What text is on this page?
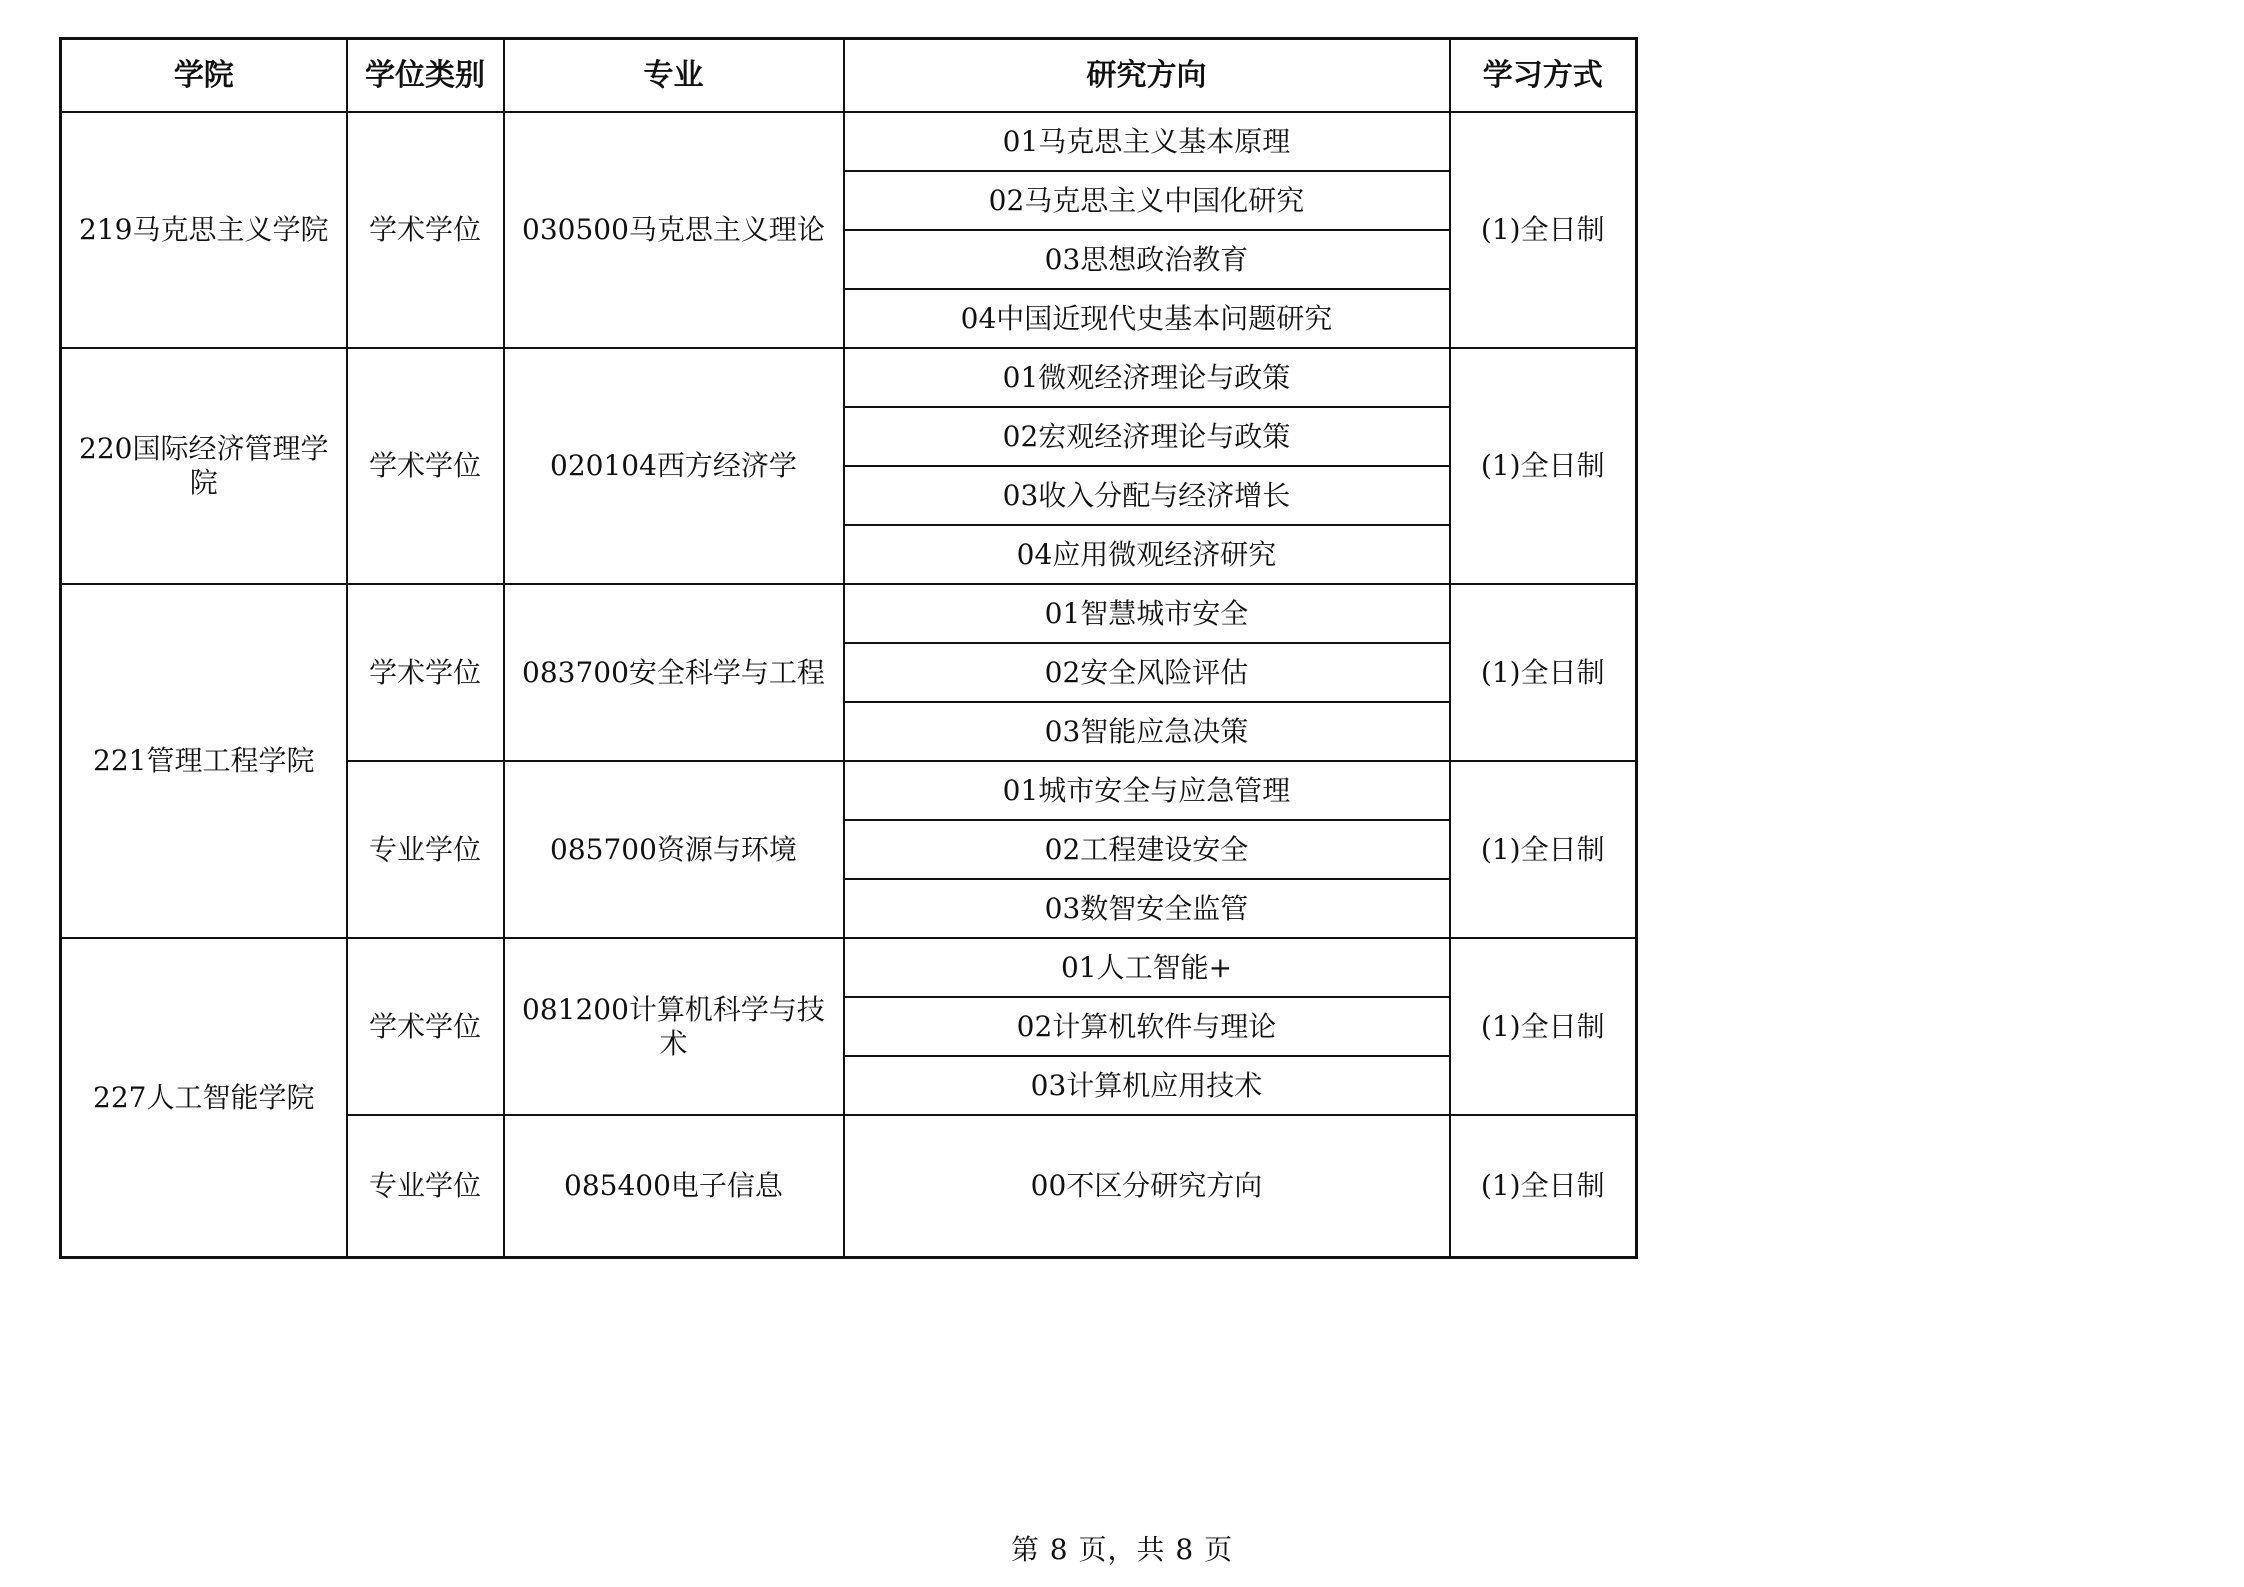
学院	学位类别	专业	研究方向	学习方式
219马克思主义学院	学术学位	030500马克思主义理论	01马克思主义基本原理	(1)全日制
			02马克思主义中国化研究	
			03思想政治教育	
			04中国近现代史基本问题研究	
220国际经济管理学院	学术学位	020104西方经济学	01微观经济理论与政策	(1)全日制
			02宏观经济理论与政策	
			03收入分配与经济增长	
			04应用微观经济研究	
221管理工程学院	学术学位	083700安全科学与工程	01智慧城市安全	(1)全日制
			02安全风险评估	
			03智能应急决策	
	专业学位	085700资源与环境	01城市安全与应急管理	(1)全日制
			02工程建设安全	
			03数智安全监管	
227人工智能学院	学术学位	081200计算机科学与技术	01人工智能+	(1)全日制
			02计算机软件与理论	
			03计算机应用技术	
	专业学位	085400电子信息	00不区分研究方向	(1)全日制
第 8 页，共 8 页
